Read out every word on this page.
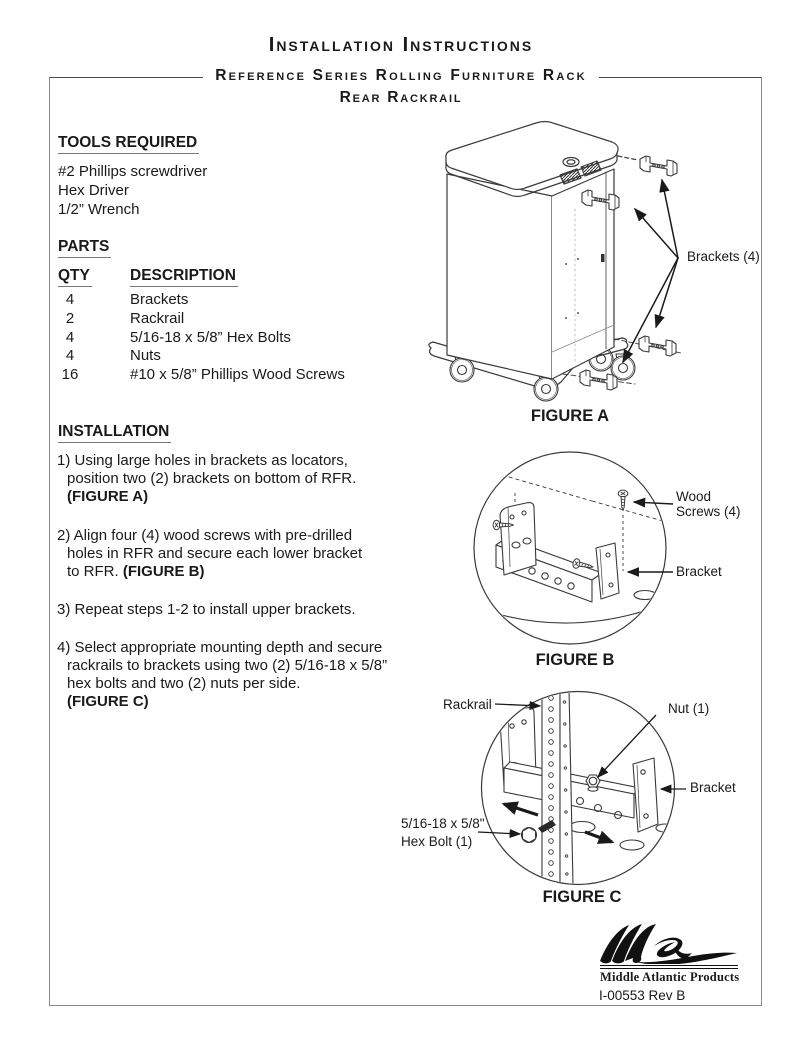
Installation Instructions
Reference Series Rolling Furniture Rack
Rear Rackrail
TOOLS REQUIRED
#2 Phillips screwdriver
Hex Driver
1/2” Wrench
PARTS
QTY	DESCRIPTION
4	Brackets
2	Rackrail
4	5/16-18 x 5/8” Hex Bolts
4	Nuts
16	#10 x 5/8” Phillips Wood Screws
INSTALLATION
1) Using large holes in brackets as locators,
position two (2) brackets on bottom of RFR.
(FIGURE A)
2) Align four (4) wood screws with pre-drilled
holes in RFR and secure each lower bracket
to RFR. (FIGURE B)
3) Repeat steps 1-2 to install upper brackets.
4) Select appropriate mounting depth and secure
rackrails to brackets using two (2) 5/16-18 x 5/8”
hex bolts and two (2) nuts per side.
(FIGURE C)
Brackets (4)
FIGURE A
Wood Screws (4)
Bracket
FIGURE B
Rackrail	Nut (1)
Bracket
5/16-18 x 5/8"
Hex Bolt (1)
FIGURE C
Middle Atlantic Products
I-00553 Rev B
